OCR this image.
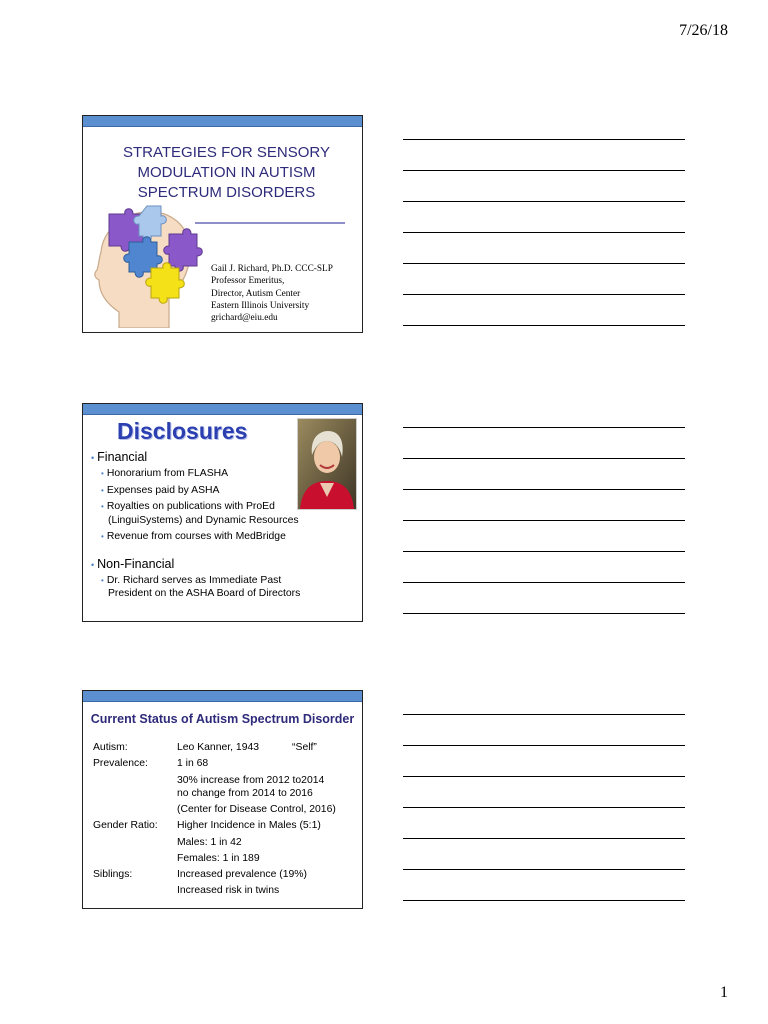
7/26/18
STRATEGIES FOR SENSORY MODULATION IN AUTISM SPECTRUM DISORDERS
Gail J. Richard, Ph.D. CCC-SLP
Professor Emeritus,
Director, Autism Center
Eastern Illinois University
grichard@eiu.edu
Disclosures
• Financial
• Honorarium from FLASHA
• Expenses paid by ASHA
• Royalties on publications with ProEd
(LinguiSystems) and Dynamic Resources
• Revenue from courses with MedBridge
• Non-Financial
• Dr. Richard serves as Immediate Past
President on the ASHA Board of Directors
Current Status of Autism Spectrum Disorder
Autism:	Leo Kanner, 1943 “Self”
Prevalence:	1 in 68

	30% increase from 2012 to2014
no change from 2014 to 2016

	(Center for Disease Control, 2016)
Gender Ratio:	Higher Incidence in Males (5:1)
	Males: 1 in 42
	Females: 1 in 189
Siblings:	Increased prevalence (19%)
	Increased risk in twins
1
